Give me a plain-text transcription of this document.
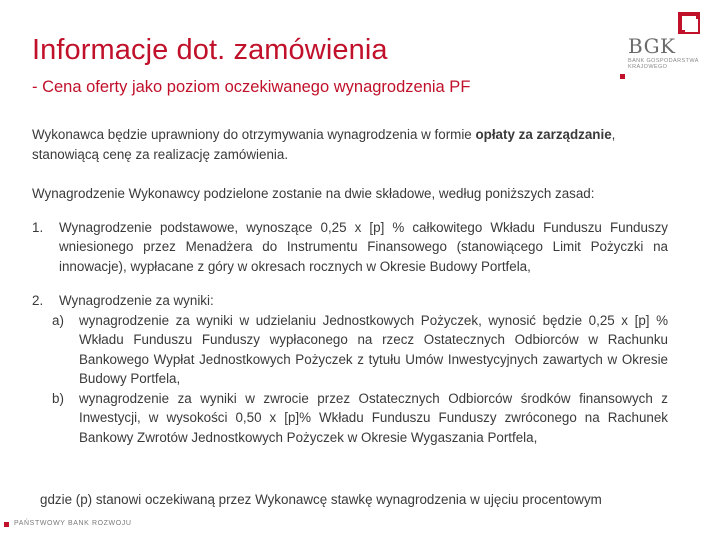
Informacje dot. zamówienia
- Cena oferty jako poziom oczekiwanego wynagrodzenia PF
BGK
BANK GOSPODARSTWA KRAJOWEGO

Wykonawca będzie uprawniony do otrzymywania wynagrodzenia w formie opłaty za zarządzanie, stanowiącą cenę za realizację zamówienia.

Wynagrodzenie Wykonawcy podzielone zostanie na dwie składowe, według poniższych zasad:

1. Wynagrodzenie podstawowe, wynoszące 0,25 x [p] % całkowitego Wkładu Funduszu Funduszy wniesionego przez Menadżera do Instrumentu Finansowego (stanowiącego Limit Pożyczki na innowacje), wypłacane z góry w okresach rocznych w Okresie Budowy Portfela,
2. Wynagrodzenie za wyniki:
a) wynagrodzenie za wyniki w udzielaniu Jednostkowych Pożyczek, wynosić będzie 0,25 x [p] % Wkładu Funduszu Funduszy wypłaconego na rzecz Ostatecznych Odbiorców w Rachunku Bankowego Wypłat Jednostkowych Pożyczek z tytułu Umów Inwestycyjnych zawartych w Okresie Budowy Portfela,
b) wynagrodzenie za wyniki w zwrocie przez Ostatecznych Odbiorców środków finansowych z Inwestycji, w wysokości 0,50 x [p]% Wkładu Funduszu Funduszy zwróconego na Rachunek Bankowy Zwrotów Jednostkowych Pożyczek w Okresie Wygaszania Portfela,
gdzie (p) stanowi oczekiwaną przez Wykonawcę stawkę wynagrodzenia w ujęciu procentowym
PAŃSTWOWY BANK ROZWOJU
